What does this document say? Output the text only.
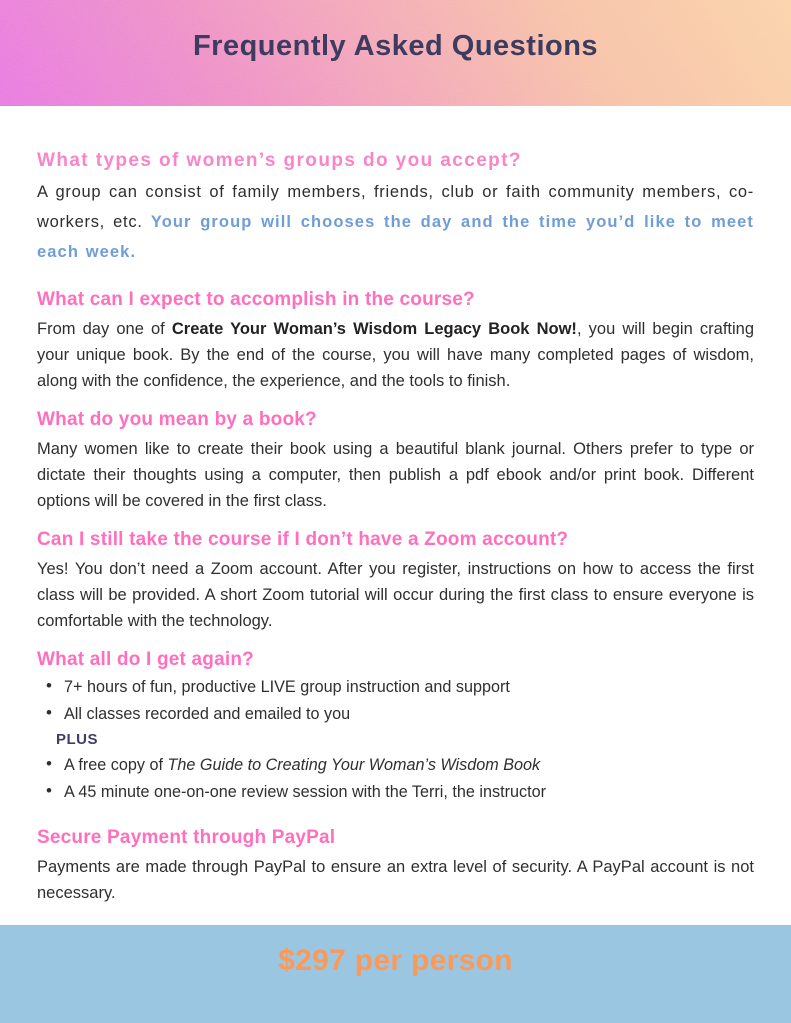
Frequently Asked Questions
What types of women’s groups do you accept?

A group can consist of family members, friends, club or faith community members, co-workers, etc. Your group will chooses the day and the time you’d like to meet each week.

What can I expect to accomplish in the course?

From day one of Create Your Woman’s Wisdom Legacy Book Now!, you will begin crafting your unique book. By the end of the course, you will have many completed pages of wisdom, along with the confidence, the experience, and the tools to finish.

What do you mean by a book?

Many women like to create their book using a beautiful blank journal. Others prefer to type or dictate their thoughts using a computer, then publish a pdf ebook and/or print book. Different options will be covered in the first class.

Can I still take the course if I don’t have a Zoom account?

Yes! You don’t need a Zoom account. After you register, instructions on how to access the first class will be provided. A short Zoom tutorial will occur during the first class to ensure everyone is comfortable with the technology.

What all do I get again?
• 7+ hours of fun, productive LIVE group instruction and support
• All classes recorded and emailed to you
PLUS
• A free copy of The Guide to Creating Your Woman’s Wisdom Book
• A 45 minute one-on-one review session with the Terri, the instructor
Secure Payment through PayPal

Payments are made through PayPal to ensure an extra level of security. A PayPal account is not necessary.

$297 per person
